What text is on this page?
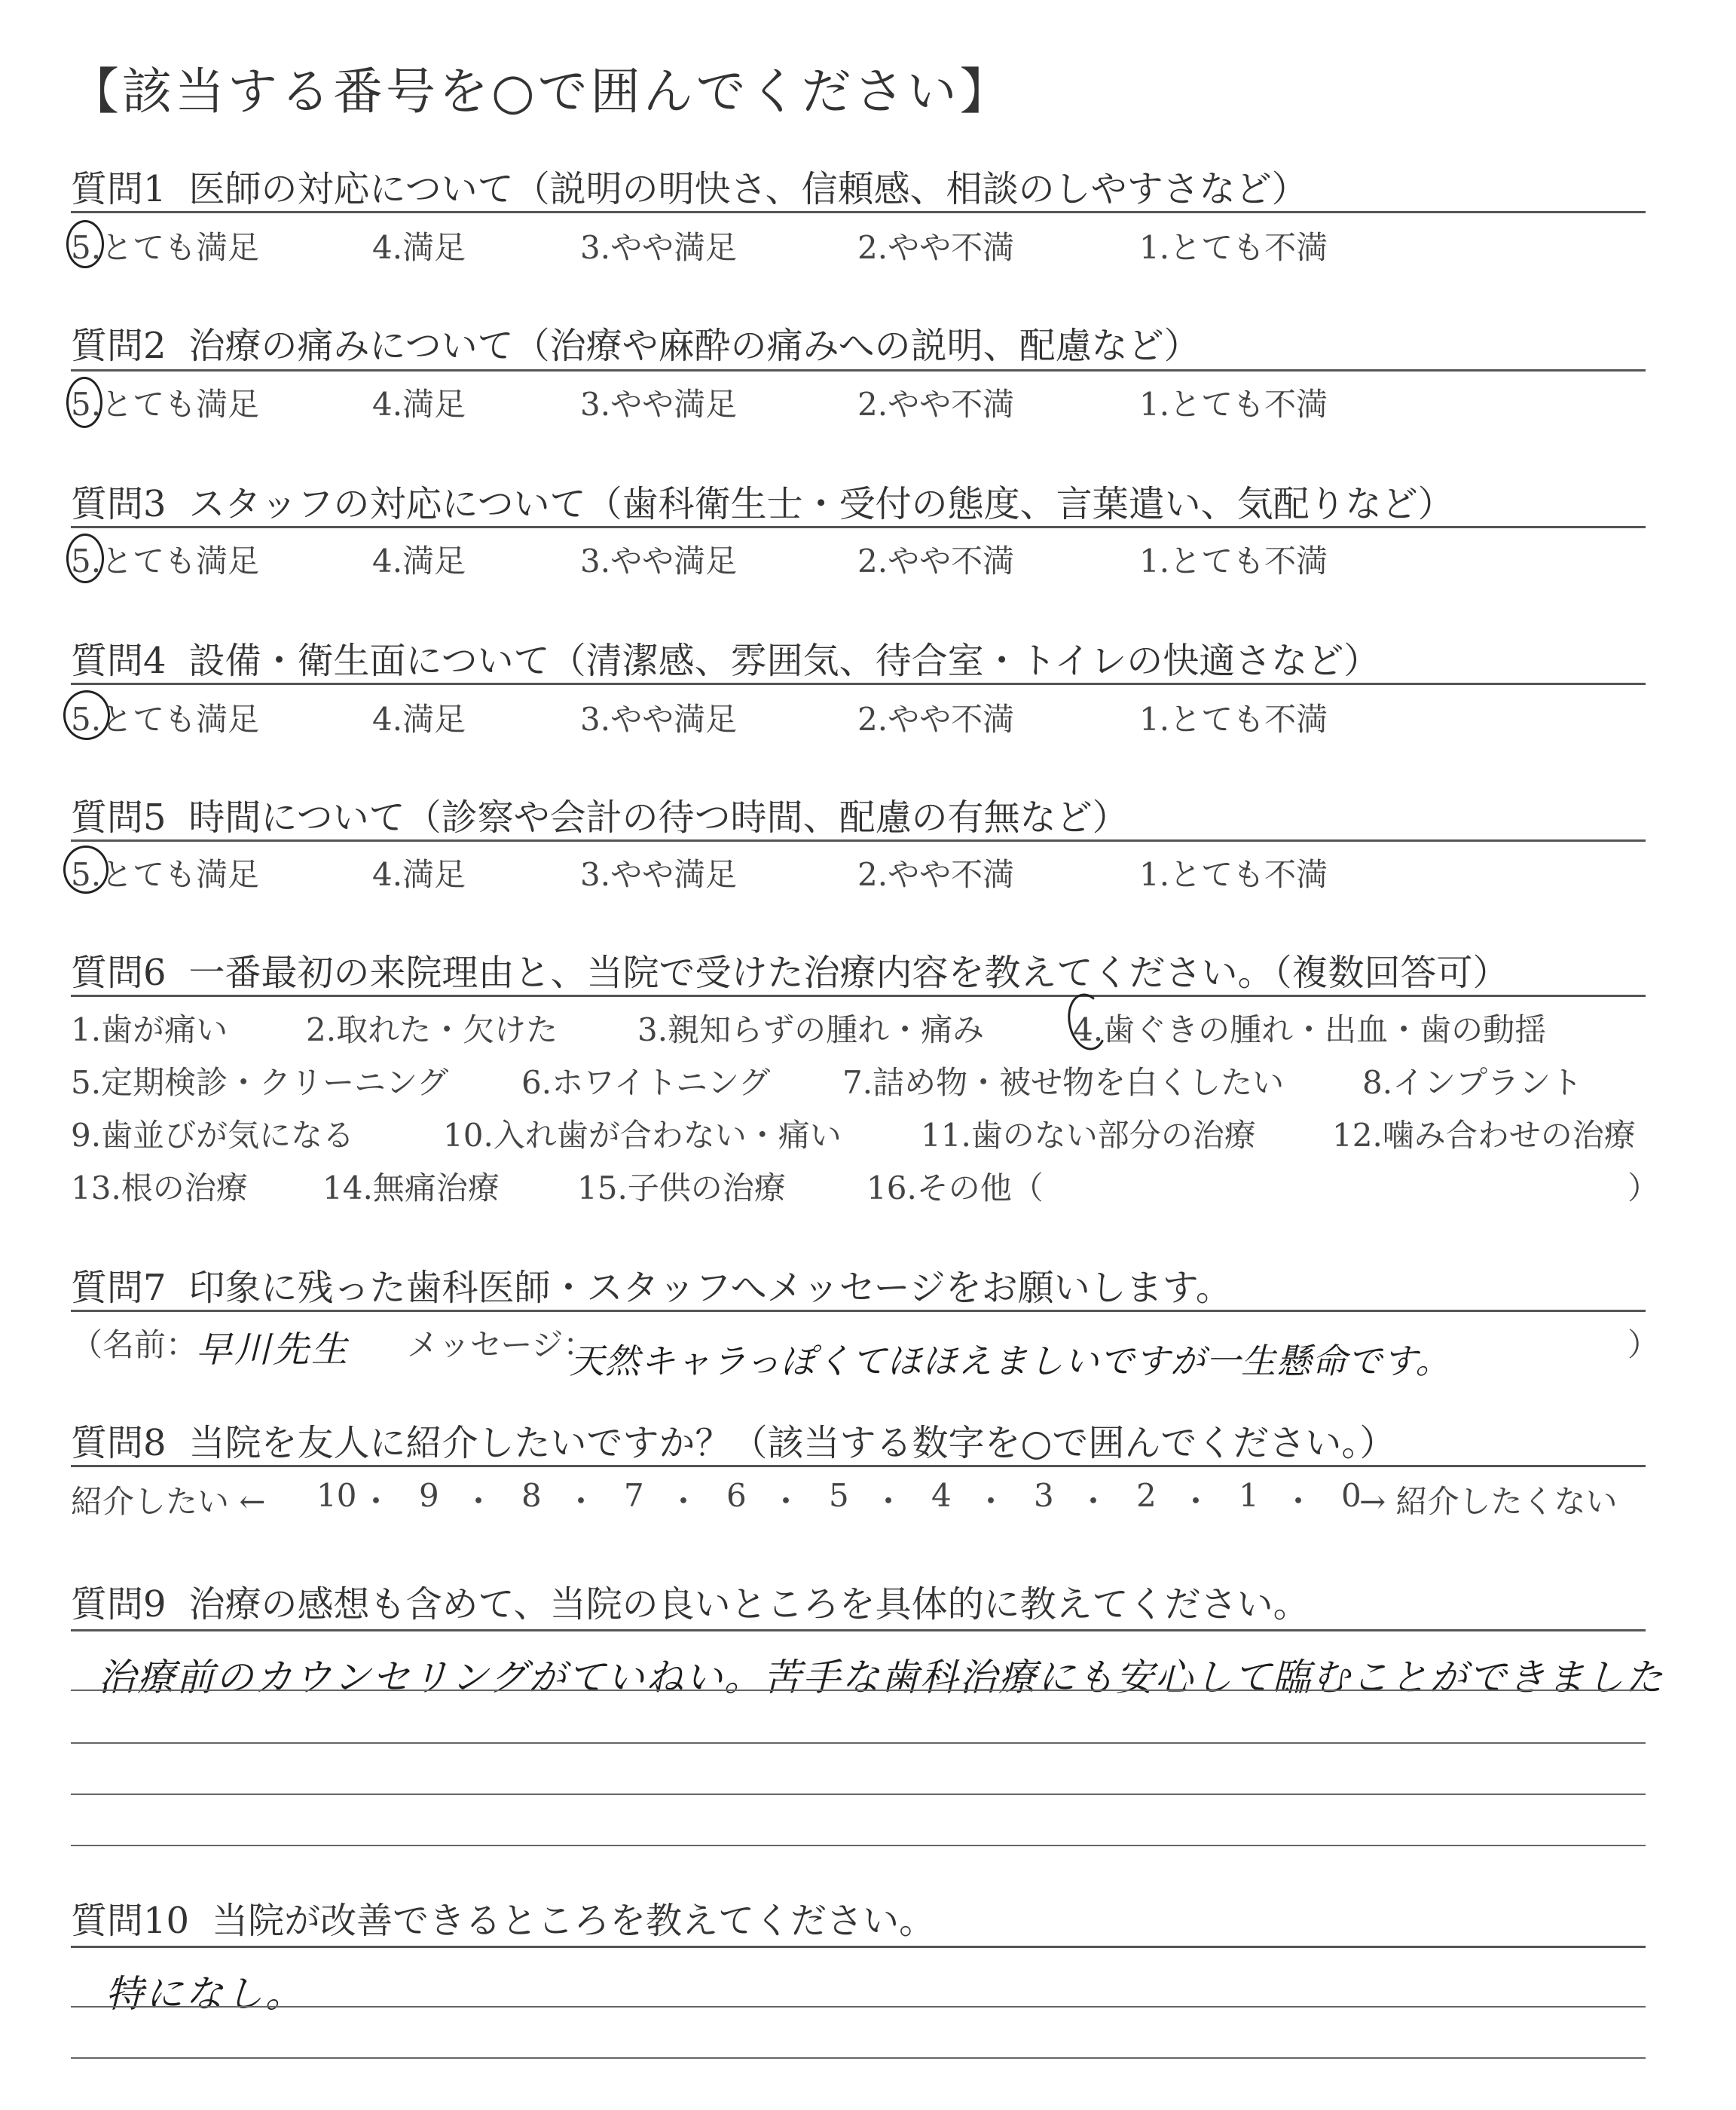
【該当する番号を○で囲んでください】
質問1 医師の対応について（説明の明快さ、信頼感、相談のしやすさなど）
5.とても満足	4.満足	3.やや満足	2.やや不満	1.とても不満
質問2 治療の痛みについて（治療や麻酔の痛みへの説明、配慮など）
5.とても満足	4.満足	3.やや満足	2.やや不満	1.とても不満
質問3 スタッフの対応について（歯科衛生士・受付の態度、言葉遣い、気配りなど）
5.とても満足	4.満足	3.やや満足	2.やや不満	1.とても不満
質問4 設備・衛生面について（清潔感、雰囲気、待合室・トイレの快適さなど）
5.とても満足	4.満足	3.やや満足	2.やや不満	1.とても不満
質問5 時間について（診察や会計の待つ時間、配慮の有無など）
5.とても満足	4.満足	3.やや満足	2.やや不満	1.とても不満
質問6 一番最初の来院理由と、当院で受けた治療内容を教えてください。（複数回答可）
1.歯が痛い 2.取れた・欠けた	3.親知らずの腫れ・痛み	4.歯ぐきの腫れ・出血・歯の動揺
5.定期検診・クリーニング 6.ホワイトニング 7.詰め物・被せ物を白くしたい 8.インプラント
9.歯並びが気になる	10.入れ歯が合わない・痛い	11.歯のない部分の治療 12.噛み合わせの治療
13.根の治療 14.無痛治療 15.子供の治療	16.その他（	）
質問7 印象に残った歯科医師・スタッフへメッセージをお願いします。
（名前：
早川先生 メッセージ：
天然キャラっぽくてほほえましいですが一生懸命です。	）
質問8 当院を友人に紹介したいですか？（該当する数字を○で囲んでください。）
紹介したい ← 10 ・ 9 ・ 8 ・ 7 ・ 6 ・ 5 ・ 4 ・ 3 ・ 2 ・ 1 ・ 0
→ 紹介したくない
質問9 治療の感想も含めて、当院の良いところを具体的に教えてください。
治療前のカウンセリングがていねい。苦手な歯科治療にも安心して臨むことができました
質問10 当院が改善できるところを教えてください。
特になし。
